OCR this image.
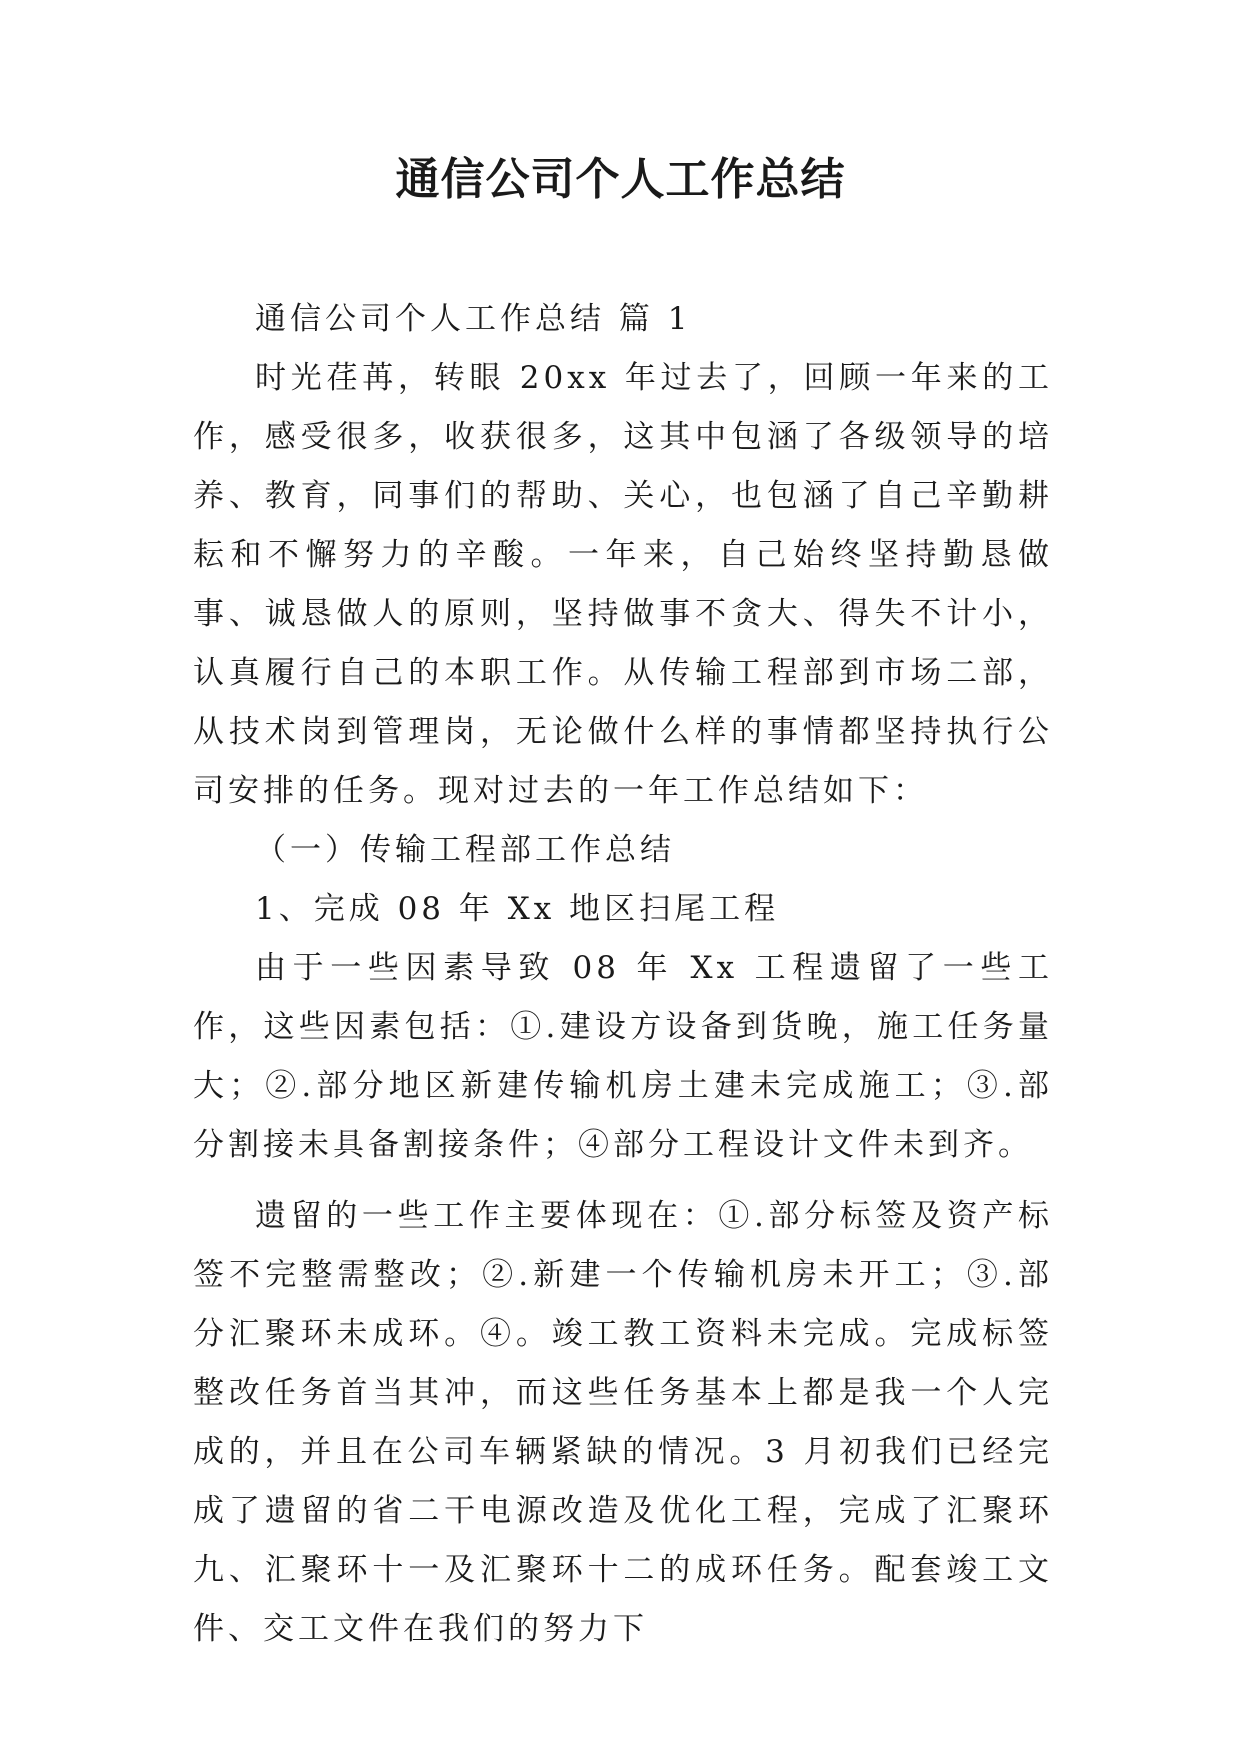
通信公司个人工作总结

通信公司个人工作总结 篇 1

时光荏苒，转眼 20xx 年过去了，回顾一年来的工作，感受很多，收获很多，这其中包涵了各级领导的培养、教育，同事们的帮助、关心，也包涵了自己辛勤耕耘和不懈努力的辛酸。一年来，自己始终坚持勤恳做事、诚恳做人的原则，坚持做事不贪大、得失不计小，认真履行自己的本职工作。从传输工程部到市场二部，从技术岗到管理岗，无论做什么样的事情都坚持执行公司安排的任务。现对过去的一年工作总结如下：

（一）传输工程部工作总结

1、完成 08 年 Xx 地区扫尾工程

由于一些因素导致 08 年 Xx 工程遗留了一些工作，这些因素包括：①.建设方设备到货晚，施工任务量大；②.部分地区新建传输机房土建未完成施工；③.部分割接未具备割接条件；④部分工程设计文件未到齐。

遗留的一些工作主要体现在：①.部分标签及资产标签不完整需整改；②.新建一个传输机房未开工；③.部分汇聚环未成环。④。竣工教工资料未完成。完成标签整改任务首当其冲，而这些任务基本上都是我一个人完成的，并且在公司车辆紧缺的情况。3 月初我们已经完成了遗留的省二干电源改造及优化工程，完成了汇聚环九、汇聚环十一及汇聚环十二的成环任务。配套竣工文件、交工文件在我们的努力下
